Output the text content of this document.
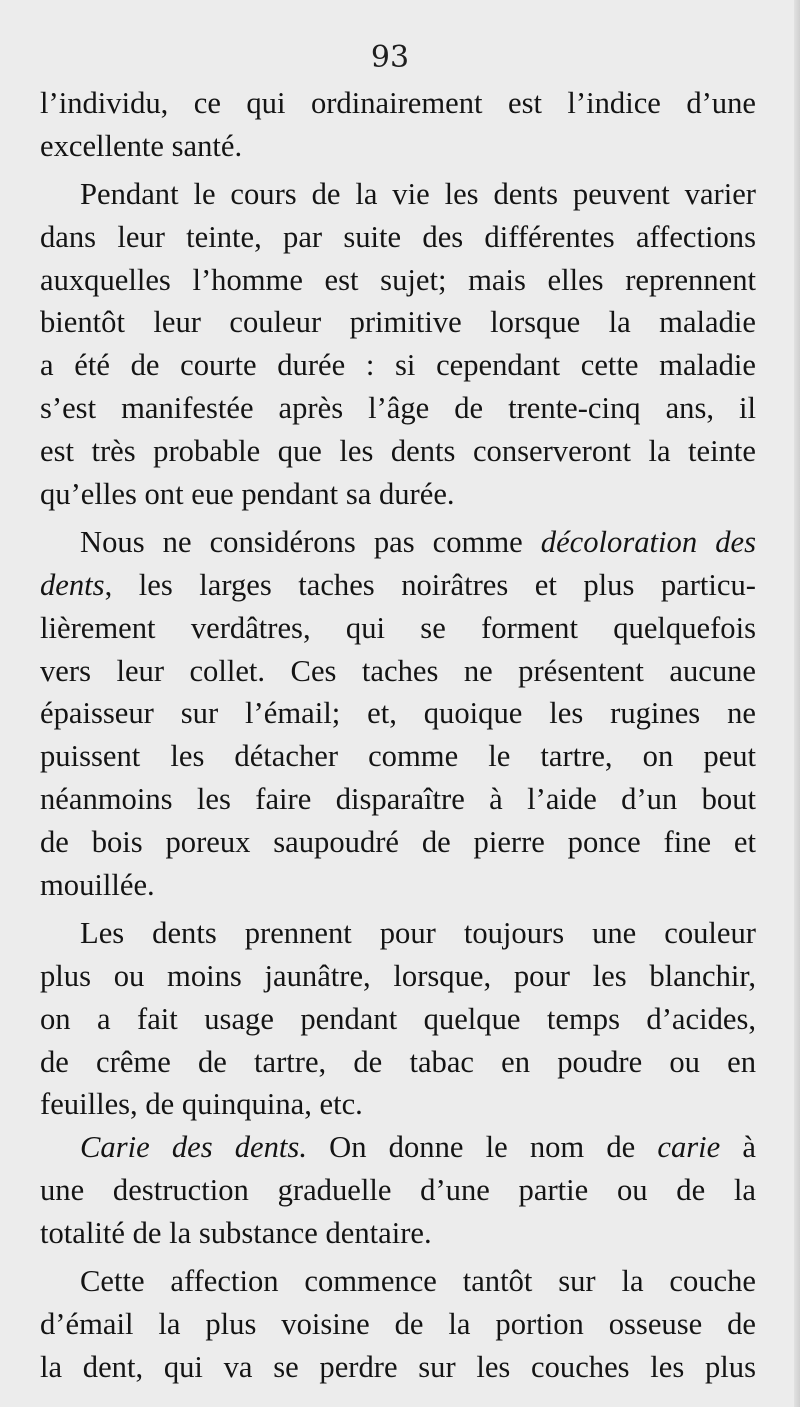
93
l’individu, ce qui ordinairement est l’indice d’une
excellente santé.
Pendant le cours de la vie les dents peuvent varier
dans leur teinte, par suite des différentes affections
auxquelles l’homme est sujet; mais elles reprennent
bientôt leur couleur primitive lorsque la maladie
a été de courte durée : si cependant cette maladie
s’est manifestée après l’âge de trente-cinq ans, il
est très probable que les dents conserveront la teinte
qu’elles ont eue pendant sa durée.
Nous ne considérons pas comme décoloration des
dents, les larges taches noirâtres et plus particu-
lièrement verdâtres, qui se forment quelquefois
vers leur collet. Ces taches ne présentent aucune
épaisseur sur l’émail; et, quoique les rugines ne
puissent les détacher comme le tartre, on peut
néanmoins les faire disparaître à l’aide d’un bout
de bois poreux saupoudré de pierre ponce fine et
mouillée.
Les dents prennent pour toujours une couleur
plus ou moins jaunâtre, lorsque, pour les blanchir,
on a fait usage pendant quelque temps d’acides,
de crême de tartre, de tabac en poudre ou en
feuilles, de quinquina, etc.
Carie des dents. On donne le nom de carie à
une destruction graduelle d’une partie ou de la
totalité de la substance dentaire.
Cette affection commence tantôt sur la couche
d’émail la plus voisine de la portion osseuse de
la dent, qui va se perdre sur les couches les plus
